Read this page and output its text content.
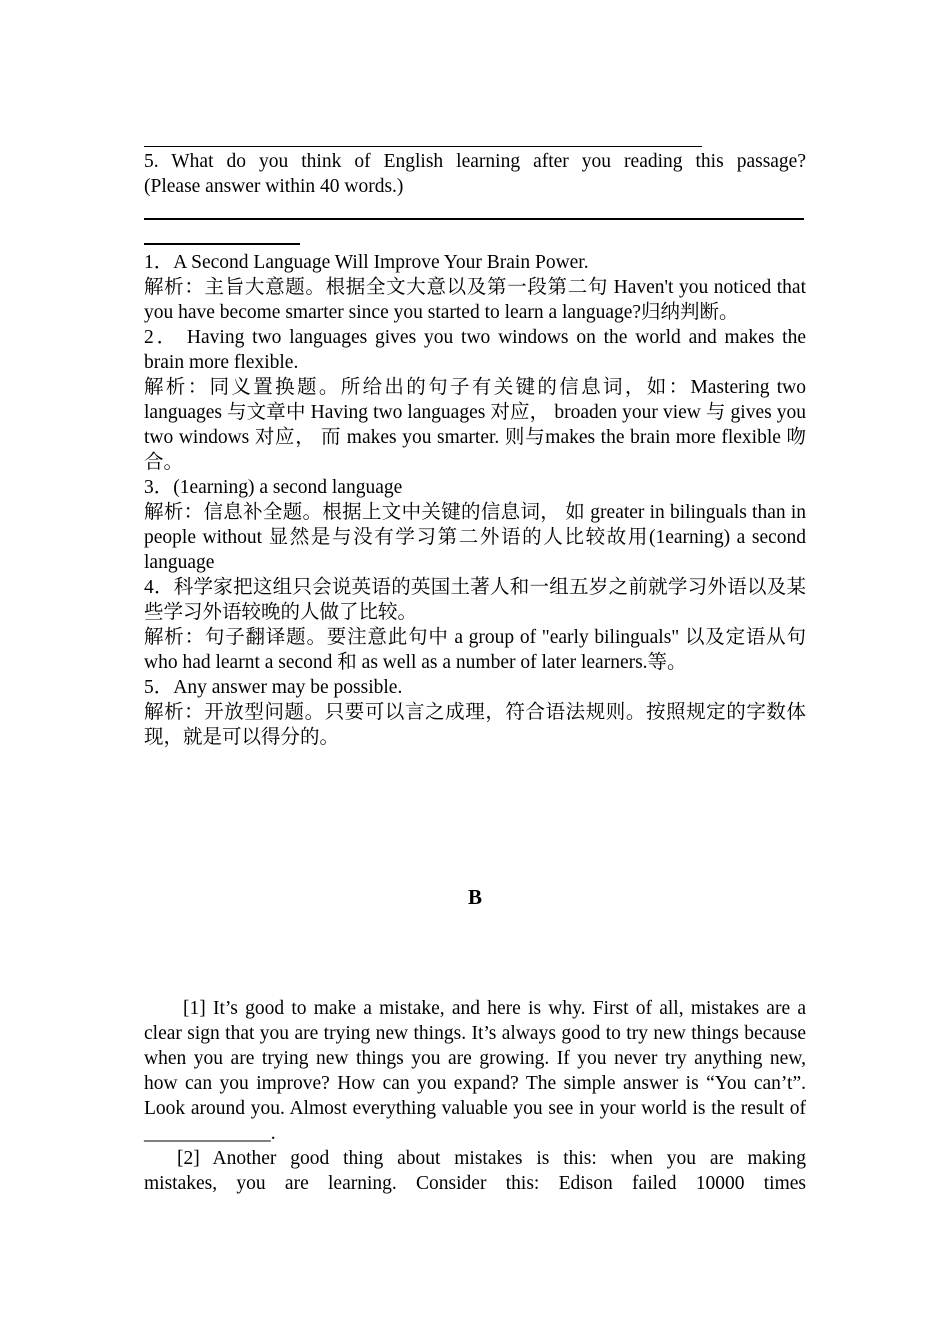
5. What do you think of English learning after you reading this passage?

(Please answer within 40 words.)

1．A Second Language Will Improve Your Brain Power.

解析：主旨大意题。根据全文大意以及第一段第二句 Haven't you noticed that you have become smarter since you started to learn a language?归纳判断。

2． Having two languages gives you two windows on the world and makes the brain more flexible.

解析：同义置换题。所给出的句子有关键的信息词，如：Mastering two languages 与文章中 Having two languages 对应， broaden your view 与 gives you two windows 对应， 而 makes you smarter. 则与makes the brain more flexible 吻合。

3．(1earning) a second language

解析：信息补全题。根据上文中关键的信息词， 如 greater in bilinguals than in people without 显然是与没有学习第二外语的人比较故用(1earning) a second language

4．科学家把这组只会说英语的英国土著人和一组五岁之前就学习外语以及某些学习外语较晚的人做了比较。

解析：句子翻译题。要注意此句中 a group of "early bilinguals" 以及定语从句 who had learnt a second 和 as well as a number of later learners.等。

5．Any answer may be possible.

解析：开放型问题。只要可以言之成理，符合语法规则。按照规定的字数体现，就是可以得分的。

B

[1] It’s good to make a mistake, and here is why. First of all, mistakes are a clear sign that you are trying new things. It’s always good to try new things because when you are trying new things you are growing. If you never try anything new, how can you improve? How can you expand? The simple answer is “You can’t”. Look around you. Almost everything valuable you see in your world is the result of _____________.

[2] Another good thing about mistakes is this: when you are making

mistakes, you are learning. Consider this: Edison failed 10000 times
